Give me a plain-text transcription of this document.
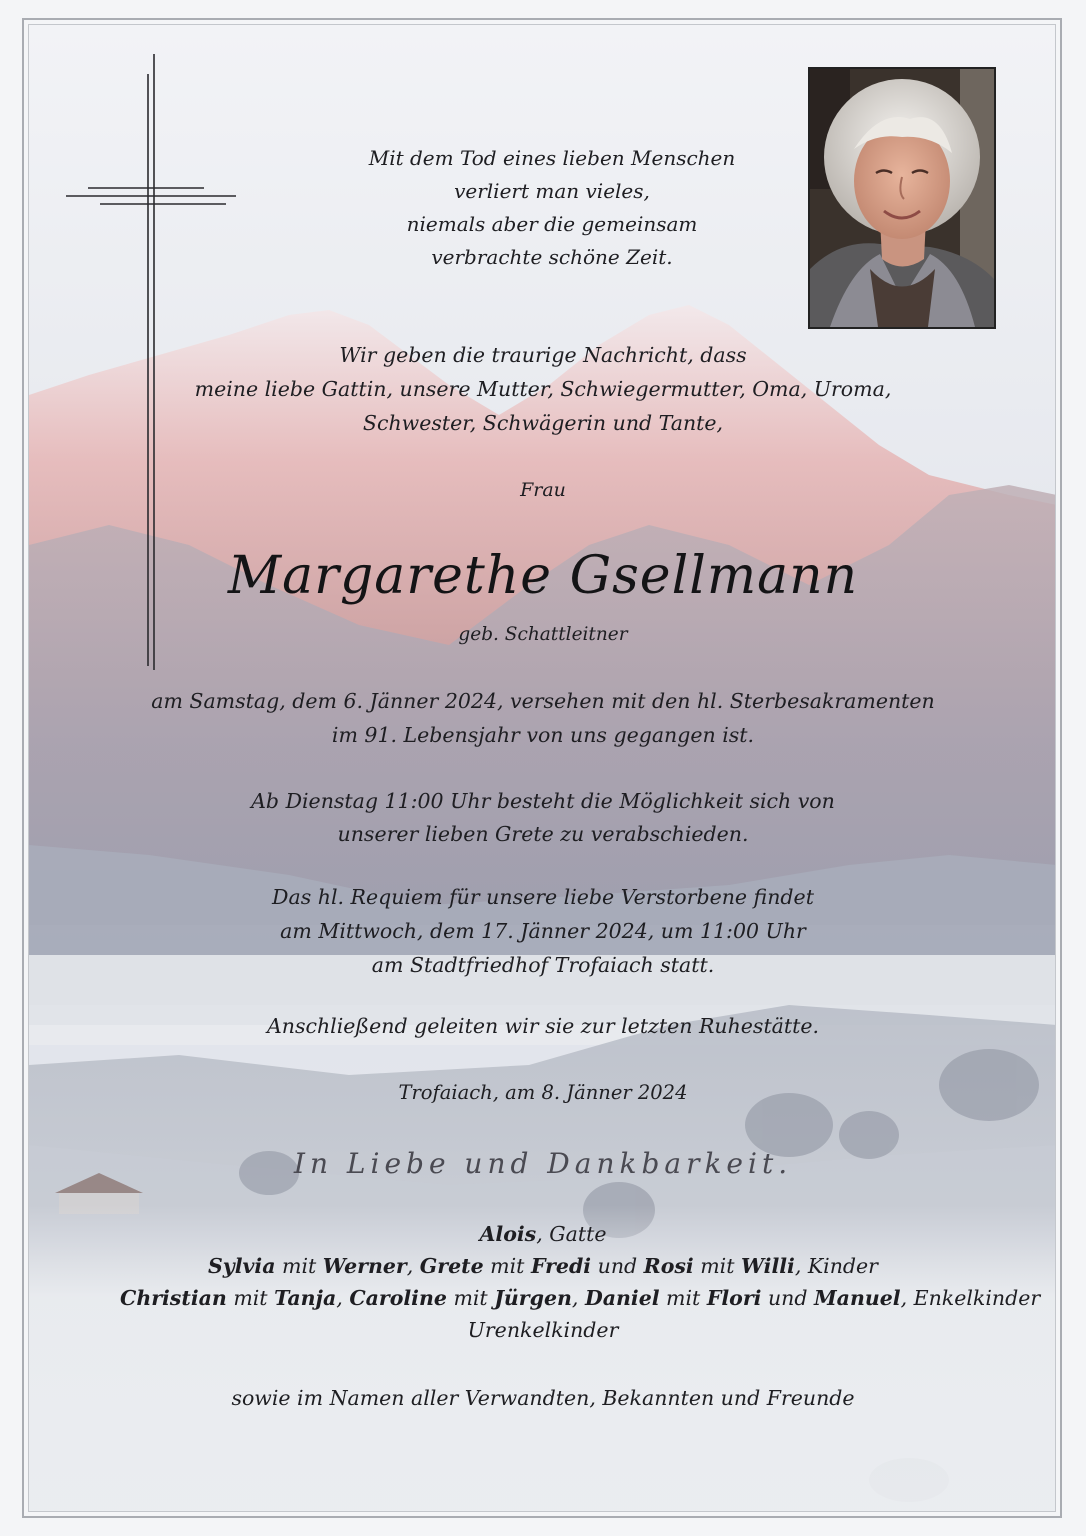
Mit dem Tod eines lieben Menschen
verliert man vieles,
niemals aber die gemeinsam
verbrachte schöne Zeit.
Wir geben die traurige Nachricht, dass
meine liebe Gattin, unsere Mutter, Schwiegermutter, Oma, Uroma,
Schwester, Schwägerin und Tante,
Frau
Margarethe Gsellmann
geb. Schattleitner
am Samstag, dem 6. Jänner 2024, versehen mit den hl. Sterbesakramenten
im 91. Lebensjahr von uns gegangen ist.
Ab Dienstag 11:00 Uhr besteht die Möglichkeit sich von
unserer lieben Grete zu verabschieden.
Das hl. Requiem für unsere liebe Verstorbene findet
am Mittwoch, dem 17. Jänner 2024, um 11:00 Uhr
am Stadtfriedhof Trofaiach statt.
Anschließend geleiten wir sie zur letzten Ruhestätte.
Trofaiach, am 8. Jänner 2024
In Liebe und Dankbarkeit.
Alois, Gatte
Sylvia mit Werner, Grete mit Fredi und Rosi mit Willi, Kinder
Christian mit Tanja, Caroline mit Jürgen, Daniel mit Flori und Manuel, Enkelkinder
Urenkelkinder
sowie im Namen aller Verwandten, Bekannten und Freunde
